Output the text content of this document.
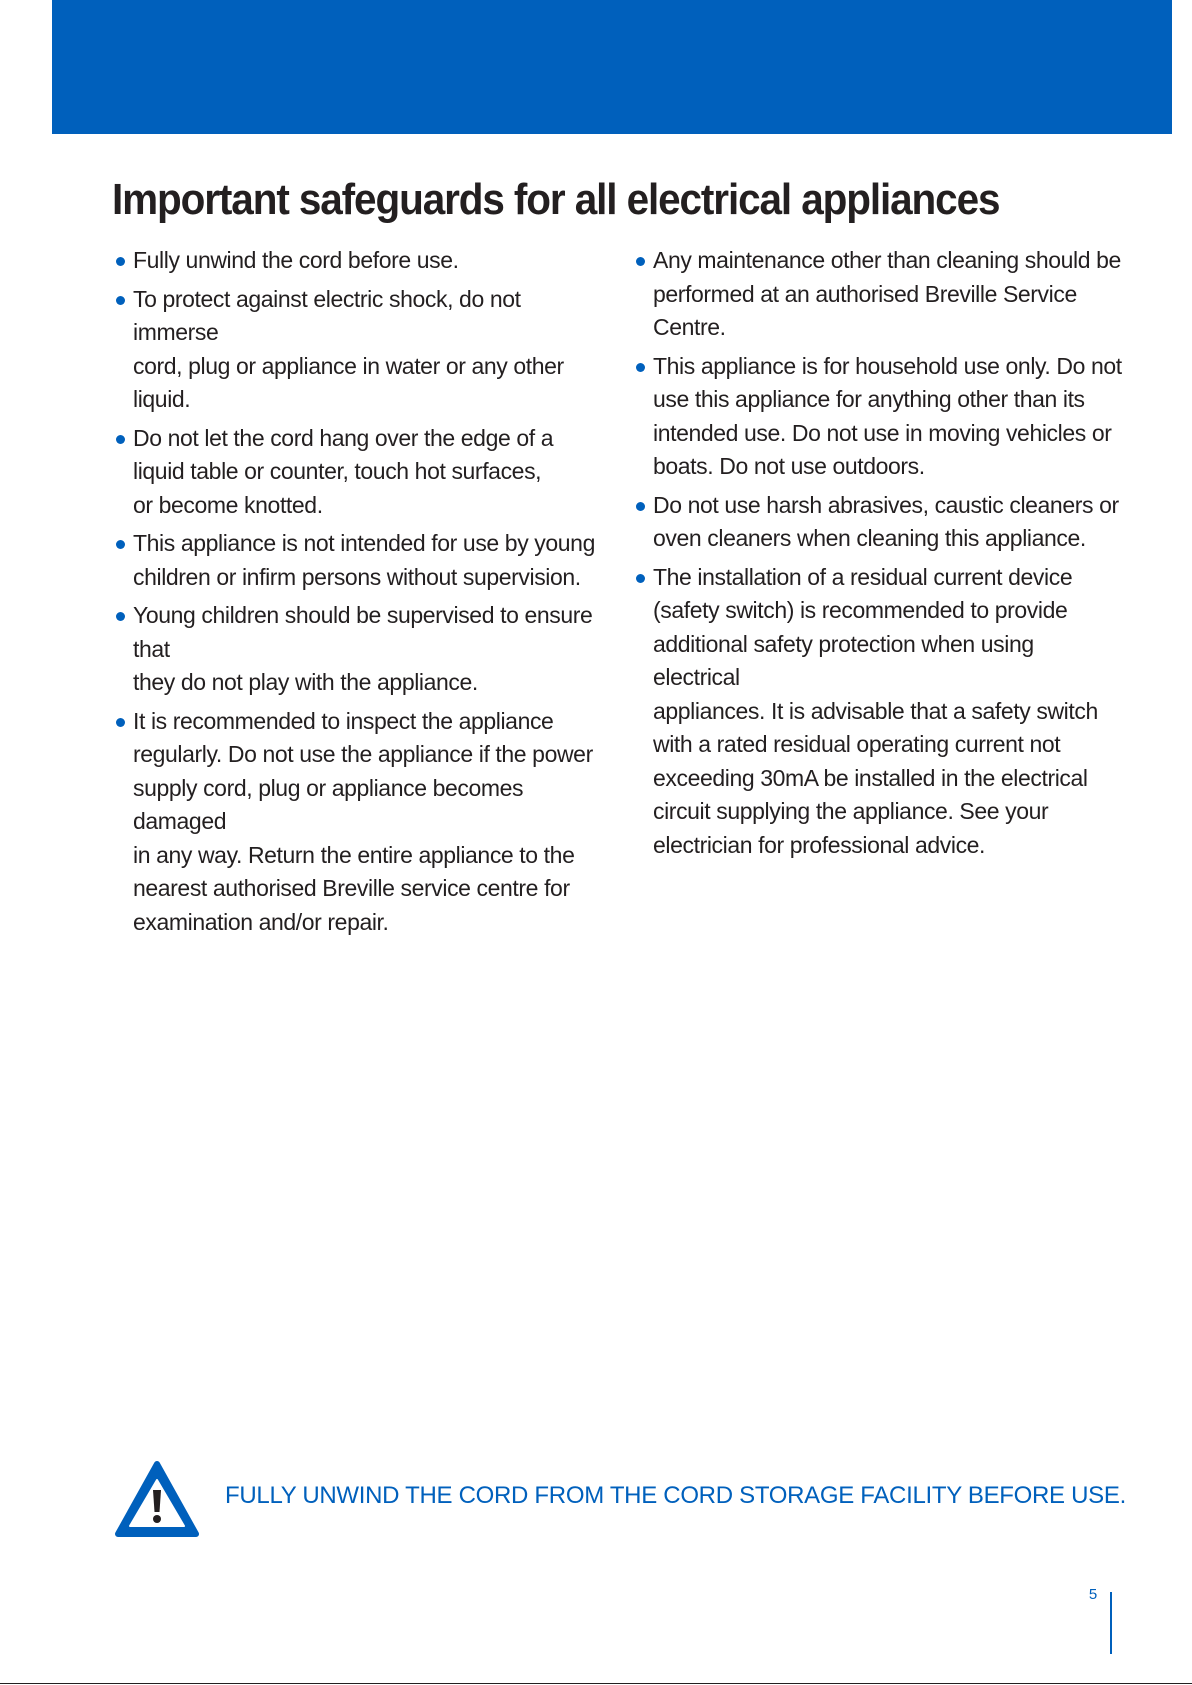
Important safeguards for all electrical appliances
Fully unwind the cord before use.
To protect against electric shock, do not immerse
cord, plug or appliance in water or any other liquid.
Do not let the cord hang over the edge of a
liquid table or counter, touch hot surfaces,
or become knotted.
This appliance is not intended for use by young
children or infirm persons without supervision.
Young children should be supervised to ensure that
they do not play with the appliance.
It is recommended to inspect the appliance
regularly. Do not use the appliance if the power
supply cord, plug or appliance becomes damaged
in any way. Return the entire appliance to the
nearest authorised Breville service centre for
examination and/or repair.
Any maintenance other than cleaning should be
performed at an authorised Breville Service Centre.
This appliance is for household use only. Do not
use this appliance for anything other than its
intended use. Do not use in moving vehicles or
boats. Do not use outdoors.
Do not use harsh abrasives, caustic cleaners or
oven cleaners when cleaning this appliance.
The installation of a residual current device
(safety switch) is recommended to provide
additional safety protection when using electrical
appliances. It is advisable that a safety switch
with a rated residual operating current not
exceeding 30mA be installed in the electrical
circuit supplying the appliance. See your
electrician for professional advice.
FULLY UNWIND THE CORD FROM THE CORD STORAGE FACILITY BEFORE USE.
5
